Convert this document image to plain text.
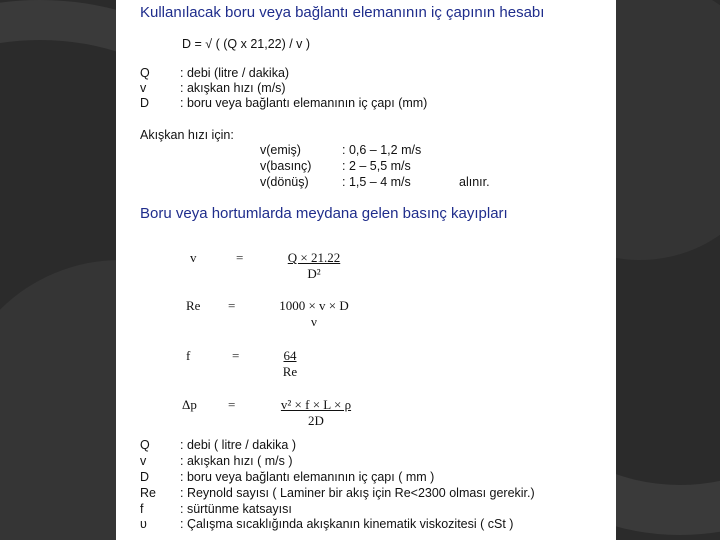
Kullanılacak boru veya bağlantı elemanının iç çapının hesabı
D = √ ( (Q x 21,22) / v )
Q : debi (litre / dakika)
v	: akışkan hızı (m/s)
D : boru veya bağlantı elemanının iç çapı (mm)
Akışkan hızı için:
v(emiş)	: 0,6 – 1,2 m/s
v(basınç) : 2 – 5,5 m/s
v(dönüş)	: 1,5 – 4 m/s	alınır.
Boru veya hortumlarda meydana gelen basınç kayıpları
v	=	$\frac{Q \times 21.22}{\text{D²}}$
Re =	1000 × v × D
ν
f	=	$\frac{64}{Re}$
Δp =	$\frac{\text{v² × f × L × ρ}}{2D}$
Q : debi ( litre / dakika )
v	: akışkan hızı ( m/s )
D : boru veya bağlantı elemanının iç çapı ( mm )
Re : Reynold sayısı ( Laminer bir akış için Re<2300 olması gerekir.)
f	: sürtünme katsayısı
υ	: Çalışma sıcaklığında akışkanın kinematik viskozitesi ( cSt )
